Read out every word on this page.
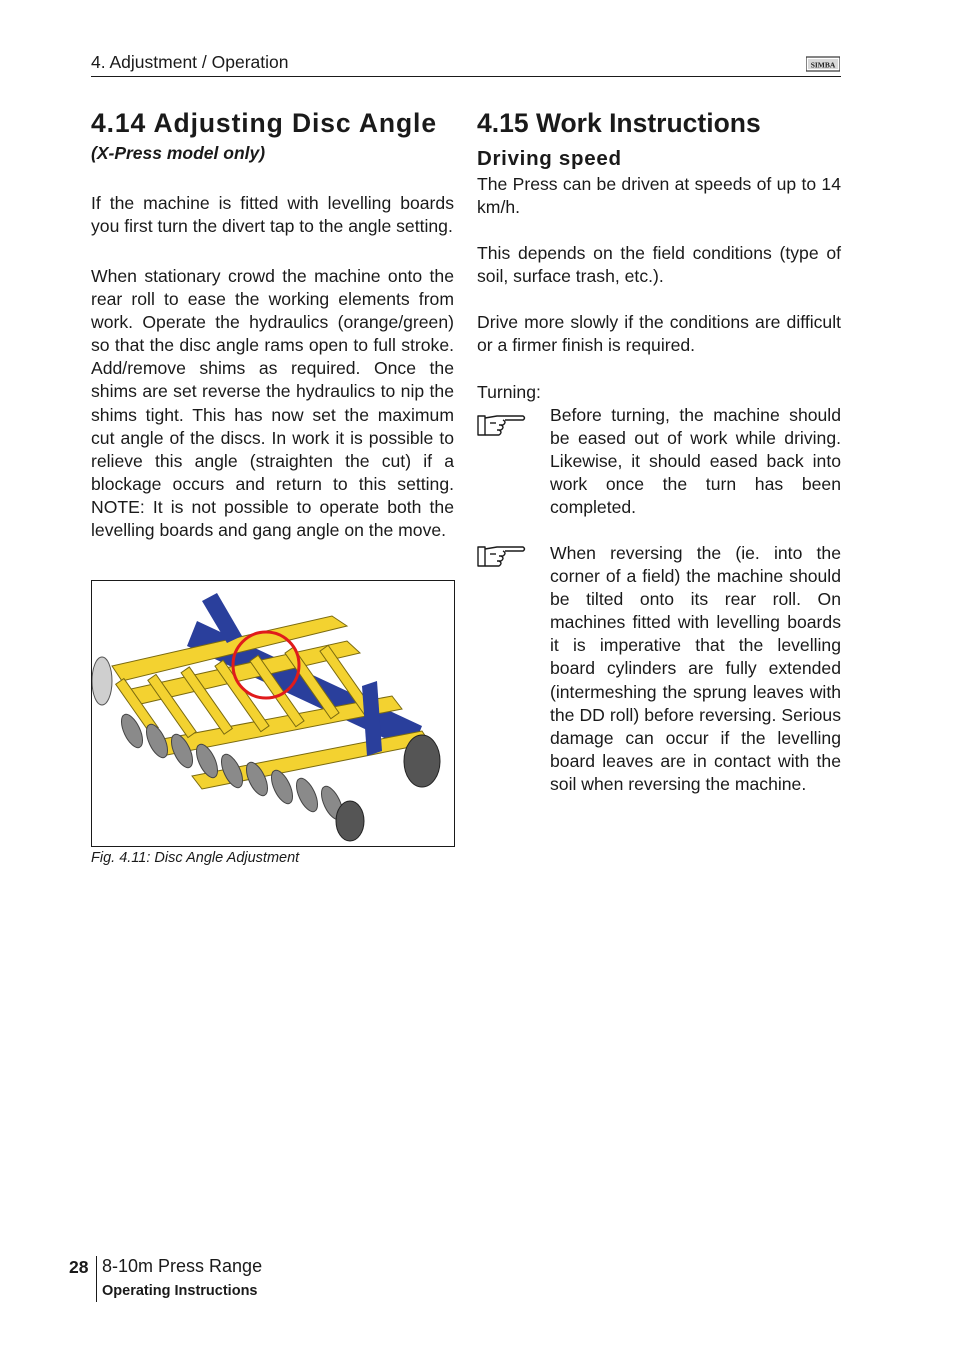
4. Adjustment / Operation	SIMBA
4.14 Adjusting Disc Angle
(X-Press model only)

If the machine is fitted with levelling boards you first turn the divert tap to the angle setting.

When stationary crowd the machine onto the rear roll to ease the working elements from work. Operate the hydraulics (orange/green) so that the disc angle rams open to full stroke. Add/remove shims as required. Once the shims are set reverse the hydraulics to nip the shims tight. This has now set the maximum cut angle of the discs. In work it is possible to relieve this angle (straighten the cut) if a blockage occurs and return to this setting. NOTE: It is not possible to operate both the levelling boards and gang angle on the move.

Fig. 4.11: Disc Angle Adjustment
4.15 Work Instructions
Driving speed

The Press can be driven at speeds of up to 14 km/h.

This depends on the field conditions (type of soil, surface trash, etc.).

Drive more slowly if the conditions are difficult or a firmer finish is required.

Turning:

Before turning, the machine should be eased out of work while driving. Likewise, it should eased back into work once the turn has been completed.

When reversing the (ie. into the corner of a field) the machine should be tilted onto its rear roll. On machines fitted with levelling boards it is imperative that the levelling board cylinders are fully extended (intermeshing the sprung leaves with the DD roll) before reversing. Serious damage can occur if the levelling board leaves are in contact with the soil when reversing the machine.

28 8-10m Press Range
Operating Instructions
